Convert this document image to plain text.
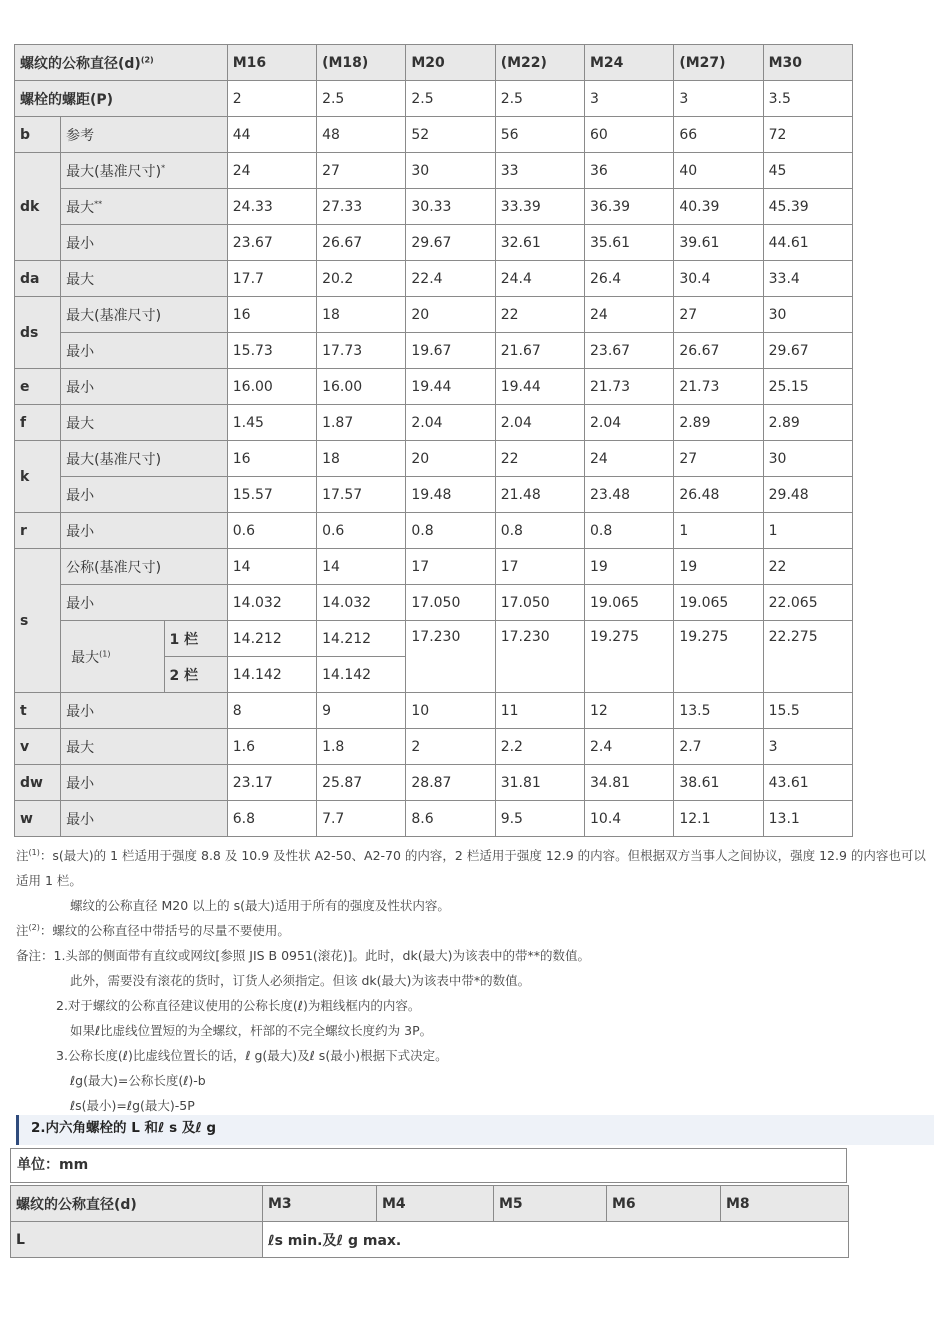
螺纹的公称直径$(d)^{(2)}$			M16	(M18)	M20	(M22)	M24	(M27)	M30
螺栓的螺距(P)			2	2.5	2.5	2.5	3	3	3.5
b	参考		44	48	52	56	60	66	72
dk	最大(基准尺寸)*		24	27	30	33	36	40	45
	最大**		24.33	27.33	30.33	33.39	36.39	40.39	45.39
	最小		23.67	26.67	29.67	32.61	35.61	39.61	44.61
da	最大		17.7	20.2	22.4	24.4	26.4	30.4	33.4
ds	最大(基准尺寸)		16	18	20	22	24	27	30
	最小		15.73	17.73	19.67	21.67	23.67	26.67	29.67
e	最小		16.00	16.00	19.44	19.44	21.73	21.73	25.15
f	最大		1.45	1.87	2.04	2.04	2.04	2.89	2.89
k	最大(基准尺寸)		16	18	20	22	24	27	30
	最小		15.57	17.57	19.48	21.48	23.48	26.48	29.48
r	最小		0.6	0.6	0.8	0.8	0.8	1	1
s	公称(基准尺寸)		14	14	17	17	19	19	22
	最小		14.032	14.032	17.050	17.050	19.065	19.065	22.065
	最大$^{(1)}$	1 栏	14.212	14.212	17.230	17.230	19.275	19.275	22.275
		2 栏	14.142	14.142					
t	最小		8	9	10	11	12	13.5	15.5
v	最大		1.6	1.8	2	2.2	2.4	2.7	3
dw	最小		23.17	25.87	28.87	31.81	34.81	38.61	43.61
w	最小		6.8	7.7	8.6	9.5	10.4	12.1	13.1
注$^{(1)}$：s(最大)的 1 栏适用于强度 8.8 及 10.9 及性状 A2-50、A2-70 的内容，2 栏适用于强度 12.9 的内容。但根据双方当事人之间协议，强度 12.9 的内容也可以适用 1 栏。
螺纹的公称直径 M20 以上的 s(最大)适用于所有的强度及性状内容。
注$^{(2)}$：螺纹的公称直径中带括号的尽量不要使用。
备注：1.头部的侧面带有直纹或网纹[参照 JIS B 0951(滚花)]。此时，dk(最大)为该表中的带**的数值。
此外，需要没有滚花的货时，订货人必须指定。但该 dk(最大)为该表中带*的数值。
2.对于螺纹的公称直径建议使用的公称长度(ℓ)为粗线框内的内容。
如果ℓ比虚线位置短的为全螺纹，杆部的不完全螺纹长度约为 3P。
3.公称长度(ℓ)比虚线位置长的话，ℓ g(最大)及ℓ s(最小)根据下式决定。
ℓg(最大)=公称长度(ℓ)-b
ℓs(最小)=ℓg(最大)-5P
2.内六角螺栓的 L 和ℓ s 及ℓ g
单位：mm
螺纹的公称直径(d)	M3	M4	M5	M6	M8
L	ℓs min.及ℓ g max.				
